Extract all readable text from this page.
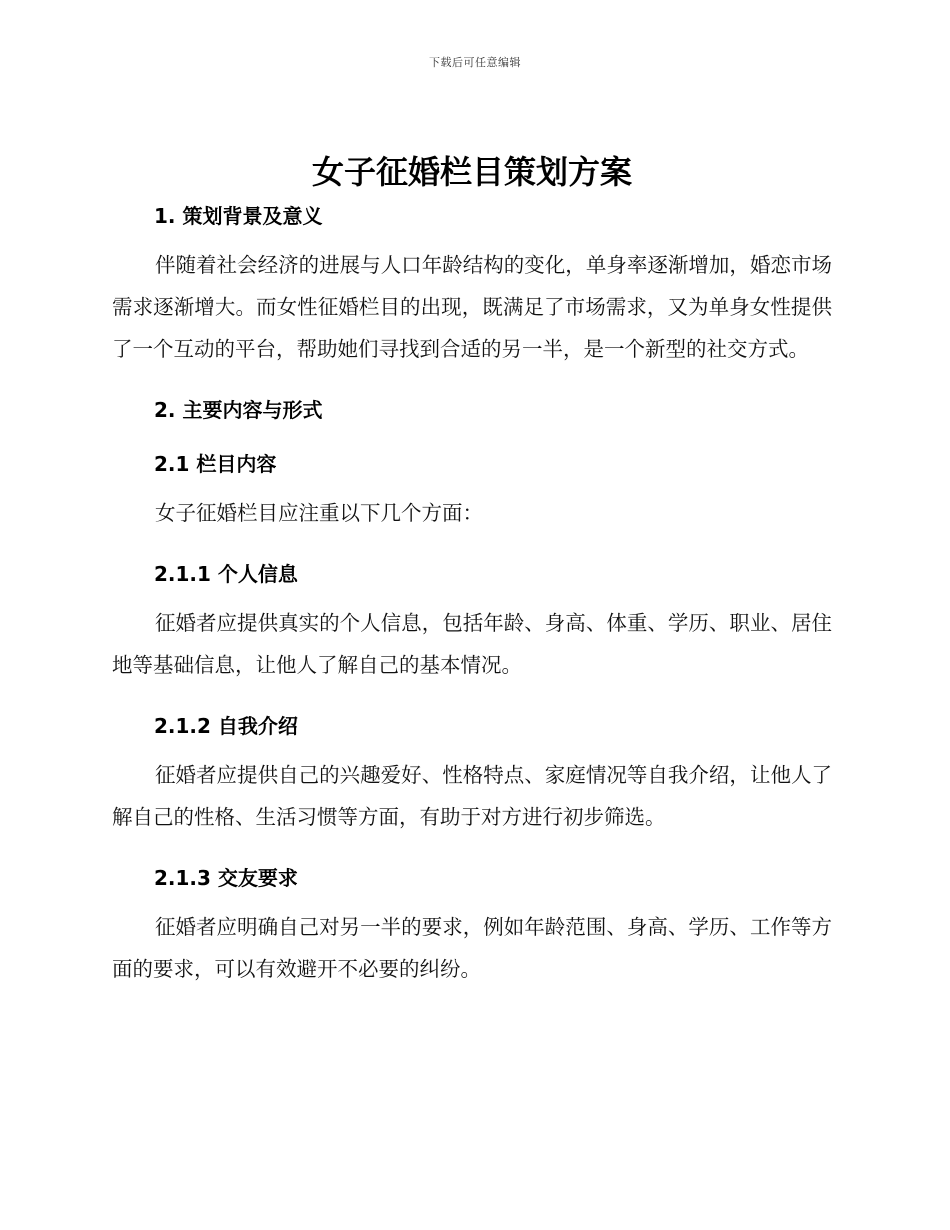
下载后可任意编辑
女子征婚栏目策划方案
1. 策划背景及意义

伴随着社会经济的进展与人口年龄结构的变化，单身率逐渐增加，婚恋市场需求逐渐增大。而女性征婚栏目的出现，既满足了市场需求，又为单身女性提供了一个互动的平台，帮助她们寻找到合适的另一半，是一个新型的社交方式。

2. 主要内容与形式
2.1 栏目内容

女子征婚栏目应注重以下几个方面：

2.1.1 个人信息

征婚者应提供真实的个人信息，包括年龄、身高、体重、学历、职业、居住地等基础信息，让他人了解自己的基本情况。

2.1.2 自我介绍

征婚者应提供自己的兴趣爱好、性格特点、家庭情况等自我介绍，让他人了解自己的性格、生活习惯等方面，有助于对方进行初步筛选。

2.1.3 交友要求

征婚者应明确自己对另一半的要求，例如年龄范围、身高、学历、工作等方面的要求，可以有效避开不必要的纠纷。
